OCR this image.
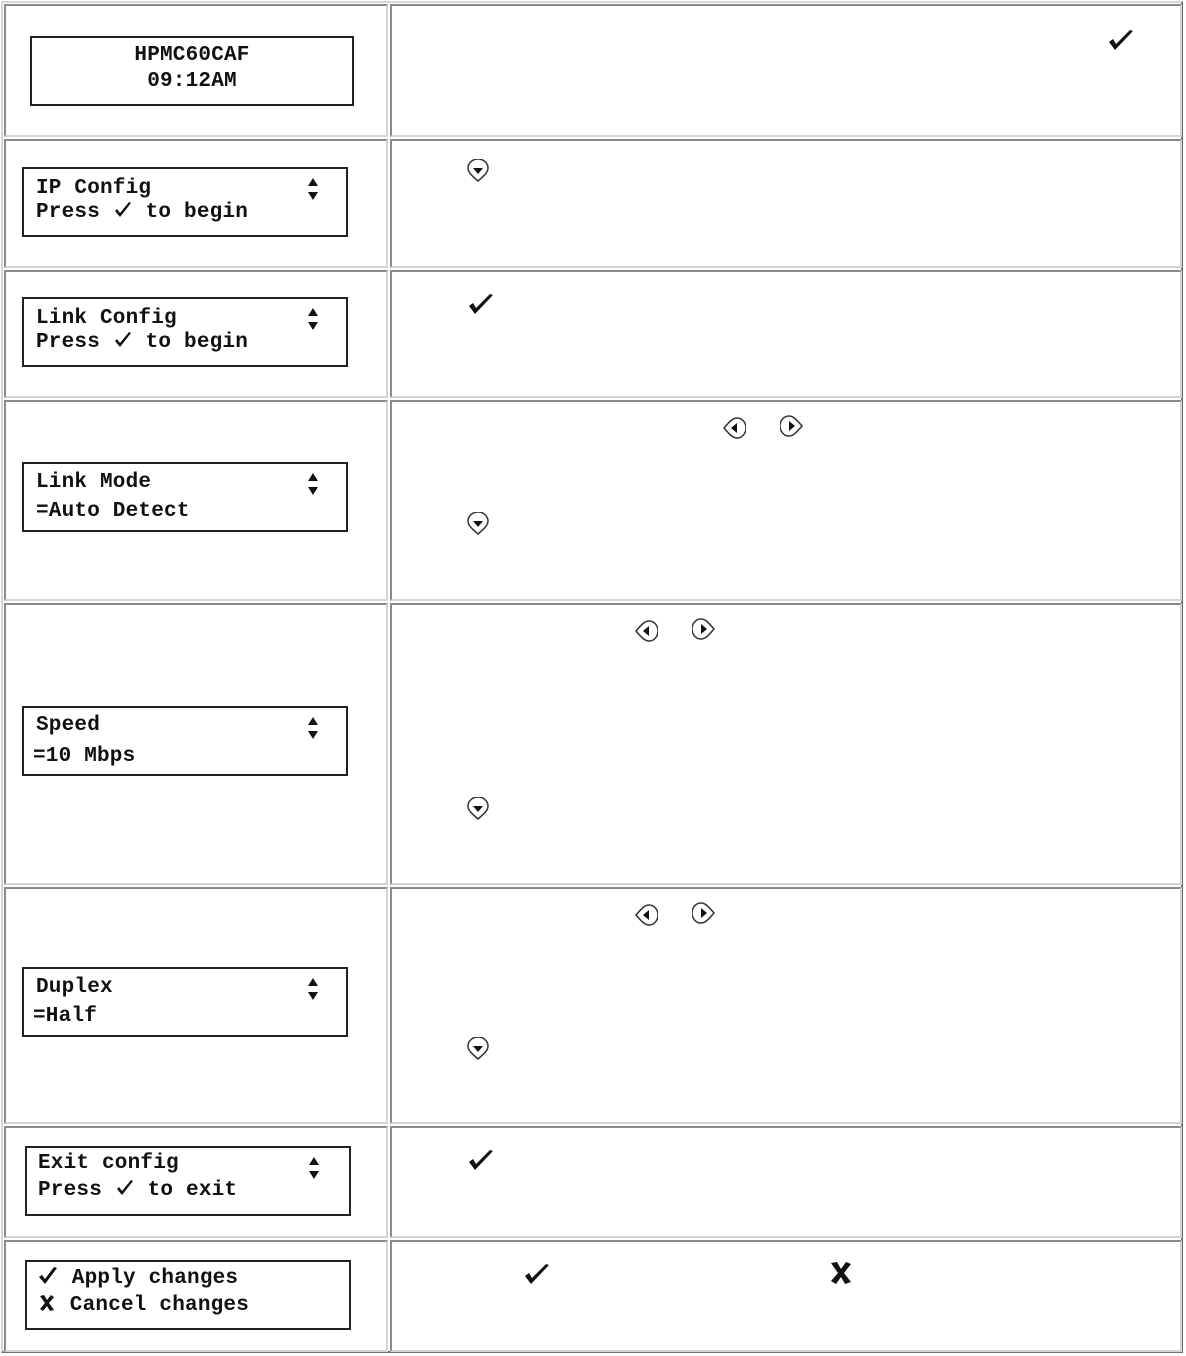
HPMC60CAF
09:12AM
IP Config
Press  to begin
Link Config
Press  to begin
Link Mode
=Auto Detect
Speed
=10 Mbps
Duplex
=Half
Exit config
Press  to exit
Apply changes
Cancel changes
